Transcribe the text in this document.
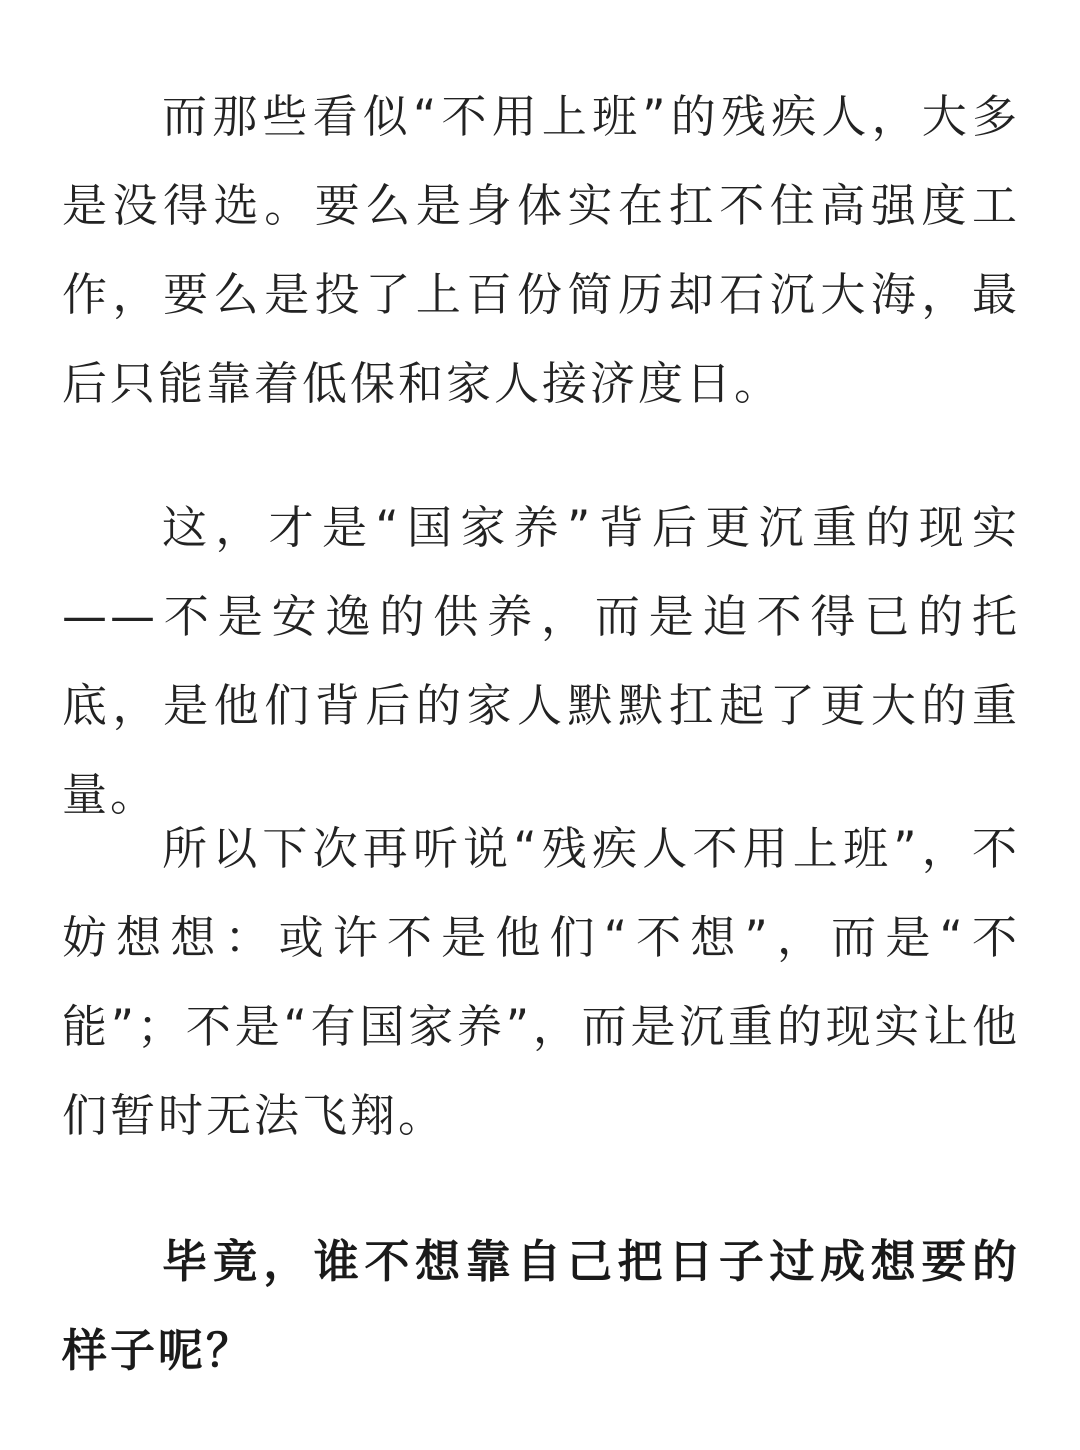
而那些看似“不用上班”的残疾人，大多是没得选。要么是身体实在扛不住高强度工作，要么是投了上百份简历却石沉大海，最后只能靠着低保和家人接济度日。

这，才是“国家养”背后更沉重的现实——不是安逸的供养，而是迫不得已的托底，是他们背后的家人默默扛起了更大的重量。

所以下次再听说“残疾人不用上班”，不妨想想：或许不是他们“不想”，而是“不能”；不是“有国家养”，而是沉重的现实让他们暂时无法飞翔。

毕竟，谁不想靠自己把日子过成想要的样子呢？
